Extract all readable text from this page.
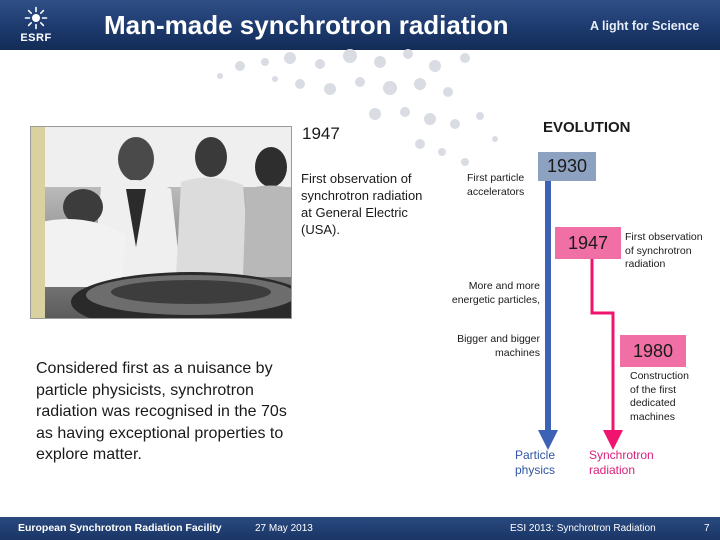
ESRF Man-made synchrotron radiation	A light for Science
1947
First observation of synchrotron radiation at General Electric (USA).
Considered first as a nuisance by particle physicists, synchrotron radiation was recognised in the 70s as having exceptional properties to explore matter.
EVOLUTION
1930
First particle accelerators
1947	First observation of synchrotron radiation
More and more energetic particles,
Bigger and bigger machines	1980
Construction of the first dedicated machines
Particle physics
Synchrotron radiation
European Synchrotron Radiation Facility	27 May 2013	ESI 2013: Synchrotron Radiation	7
